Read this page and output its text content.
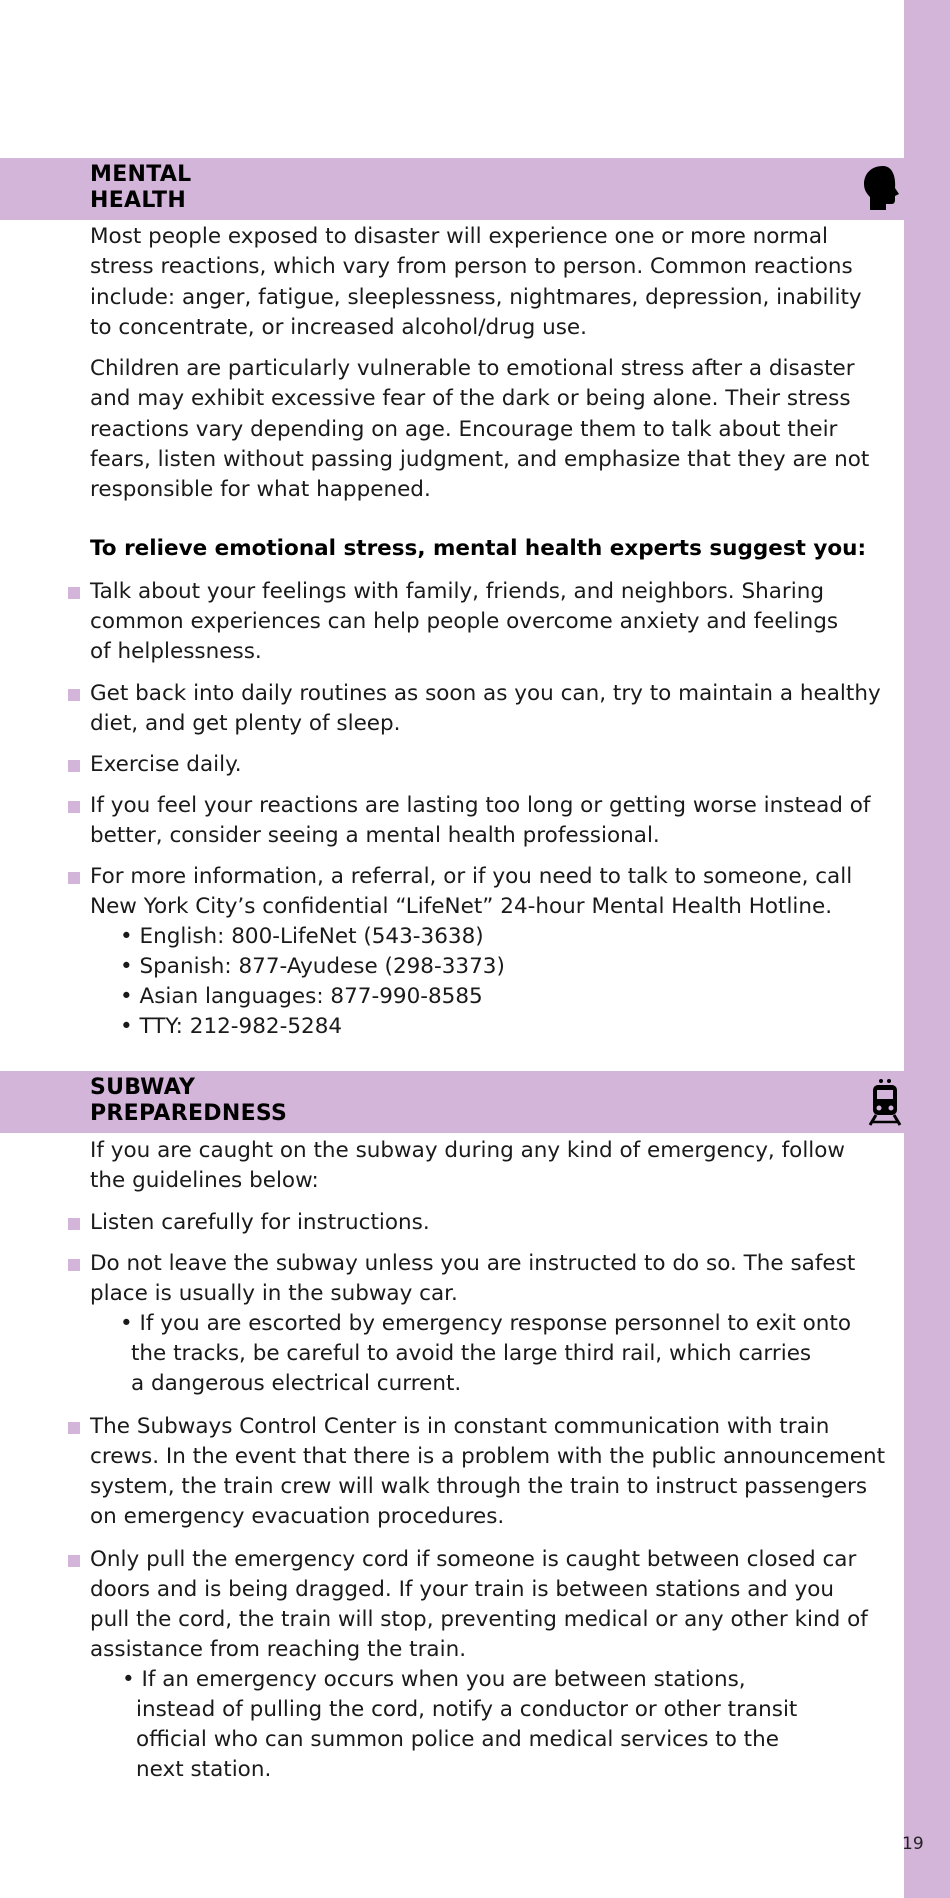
MENTAL
HEALTH
Most people exposed to disaster will experience one or more normal stress reactions, which vary from person to person. Common reactions include: anger, fatigue, sleeplessness, nightmares, depression, inability to concentrate, or increased alcohol/drug use.
Children are particularly vulnerable to emotional stress after a disaster and may exhibit excessive fear of the dark or being alone. Their stress reactions vary depending on age. Encourage them to talk about their fears, listen without passing judgment, and emphasize that they are not responsible for what happened.
To relieve emotional stress, mental health experts suggest you:
Talk about your feelings with family, friends, and neighbors. Sharing
common experiences can help people overcome anxiety and feelings
of helplessness.
Get back into daily routines as soon as you can, try to maintain a healthy
diet, and get plenty of sleep.
Exercise daily.
If you feel your reactions are lasting too long or getting worse instead of
better, consider seeing a mental health professional.
For more information, a referral, or if you need to talk to someone, call
New York City’s confidential “LifeNet” 24-hour Mental Health Hotline.
• English: 800-LifeNet (543-3638)
• Spanish: 877-Ayudese (298-3373)
• Asian languages: 877-990-8585
• TTY: 212-982-5284
SUBWAY
PREPAREDNESS
If you are caught on the subway during any kind of emergency, follow
the guidelines below:
Listen carefully for instructions.
Do not leave the subway unless you are instructed to do so. The safest
place is usually in the subway car.
• If you are escorted by emergency response personnel to exit onto
the tracks, be careful to avoid the large third rail, which carries
a dangerous electrical current.
The Subways Control Center is in constant communication with train
crews. In the event that there is a problem with the public announcement
system, the train crew will walk through the train to instruct passengers
on emergency evacuation procedures.
Only pull the emergency cord if someone is caught between closed car
doors and is being dragged. If your train is between stations and you
pull the cord, the train will stop, preventing medical or any other kind of
assistance from reaching the train.
• If an emergency occurs when you are between stations,
instead of pulling the cord, notify a conductor or other transit
official who can summon police and medical services to the
next station.
19
